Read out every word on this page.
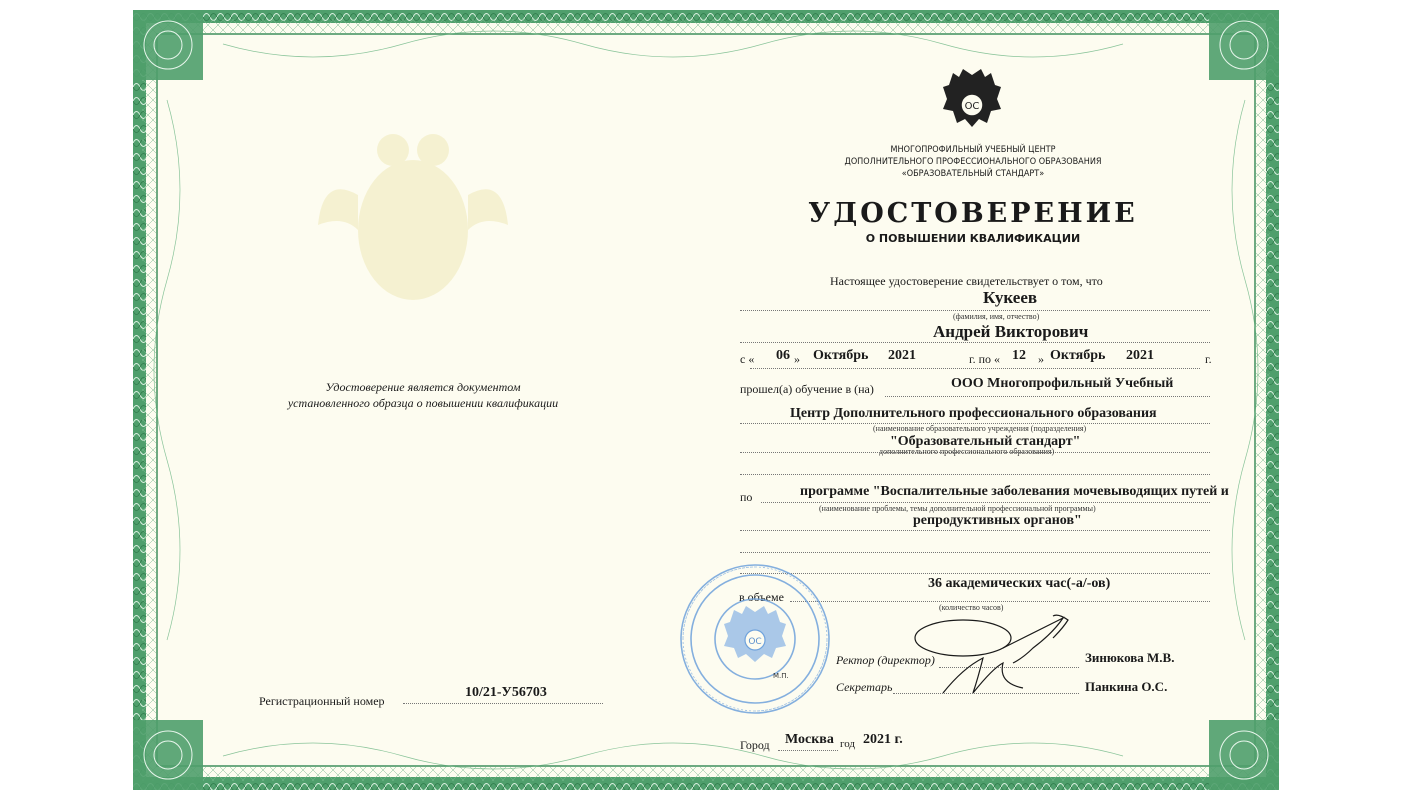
ОС
МНОГОПРОФИЛЬНЫЙ УЧЕБНЫЙ ЦЕНТР
ДОПОЛНИТЕЛЬНОГО ПРОФЕССИОНАЛЬНОГО ОБРАЗОВАНИЯ
«ОБРАЗОВАТЕЛЬНЫЙ СТАНДАРТ»
УДОСТОВЕРЕНИЕ
О ПОВЫШЕНИИ КВАЛИФИКАЦИИ
Настоящее удостоверение свидетельствует о том, что
Кукеев
(фамилия, имя, отчество)
Андрей Викторович
с « 06 » Октябрь 2021	г. по « 12 » Октябрь 2021	г.
прошел(а) обучение в (на)	ООО Многопрофильный Учебный
Центр Дополнительного профессионального образования
(наименование образовательного учреждения (подразделения)
"Образовательный стандарт"
дополнительного профессионального образования)
по	программе "Воспалительные заболевания мочевыводящих путей и
(наименование проблемы, темы дополнительной профессиональной программы)
репродуктивных органов"
36 академических час(-а/-ов)
в объеме
(количество часов)
ОС
М.П.
Ректор (директор)	Зинюкова М.В.
Секретарь	Панкина О.С.
Город Москва год 2021 г.
Удостоверение является документом
установленного образца о повышении квалификации
Регистрационный номер
10/21-У56703
